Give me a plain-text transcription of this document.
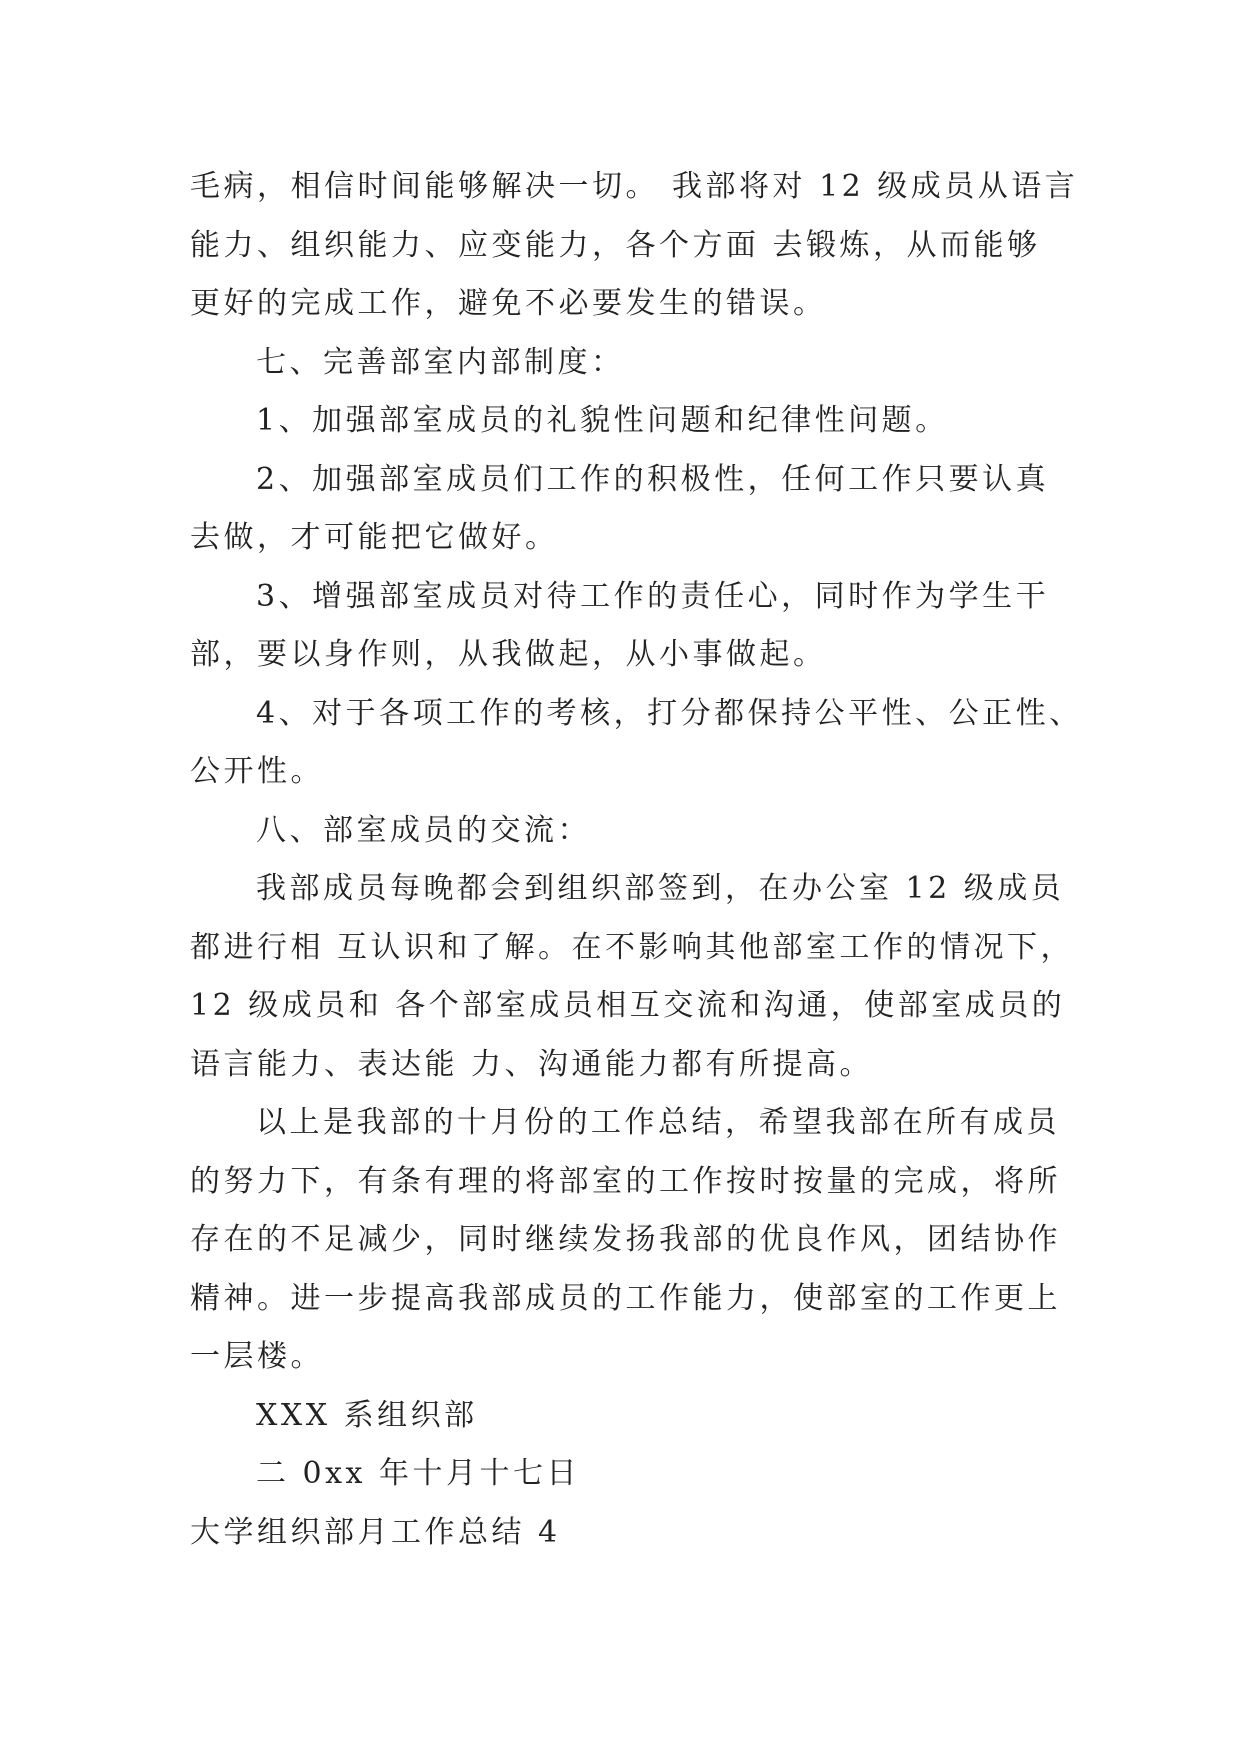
毛病，相信时间能够解决一切。 我部将对 12 级成员从语言
能力、组织能力、应变能力，各个方面 去锻炼，从而能够
更好的完成工作，避免不必要发生的错误。

七、完善部室内部制度：

1、加强部室成员的礼貌性问题和纪律性问题。

2、加强部室成员们工作的积极性，任何工作只要认真
去做，才可能把它做好。

3、增强部室成员对待工作的责任心，同时作为学生干
部，要以身作则，从我做起，从小事做起。

4、对于各项工作的考核，打分都保持公平性、公正性、
公开性。

八、部室成员的交流：

我部成员每晚都会到组织部签到，在办公室 12 级成员
都进行相 互认识和了解。在不影响其他部室工作的情况下，
12 级成员和 各个部室成员相互交流和沟通，使部室成员的
语言能力、表达能 力、沟通能力都有所提高。

以上是我部的十月份的工作总结，希望我部在所有成员
的努力下，有条有理的将部室的工作按时按量的完成，将所
存在的不足减少，同时继续发扬我部的优良作风，团结协作
精神。进一步提高我部成员的工作能力，使部室的工作更上
一层楼。

XXX 系组织部

二 0xx 年十月十七日

大学组织部月工作总结 4
